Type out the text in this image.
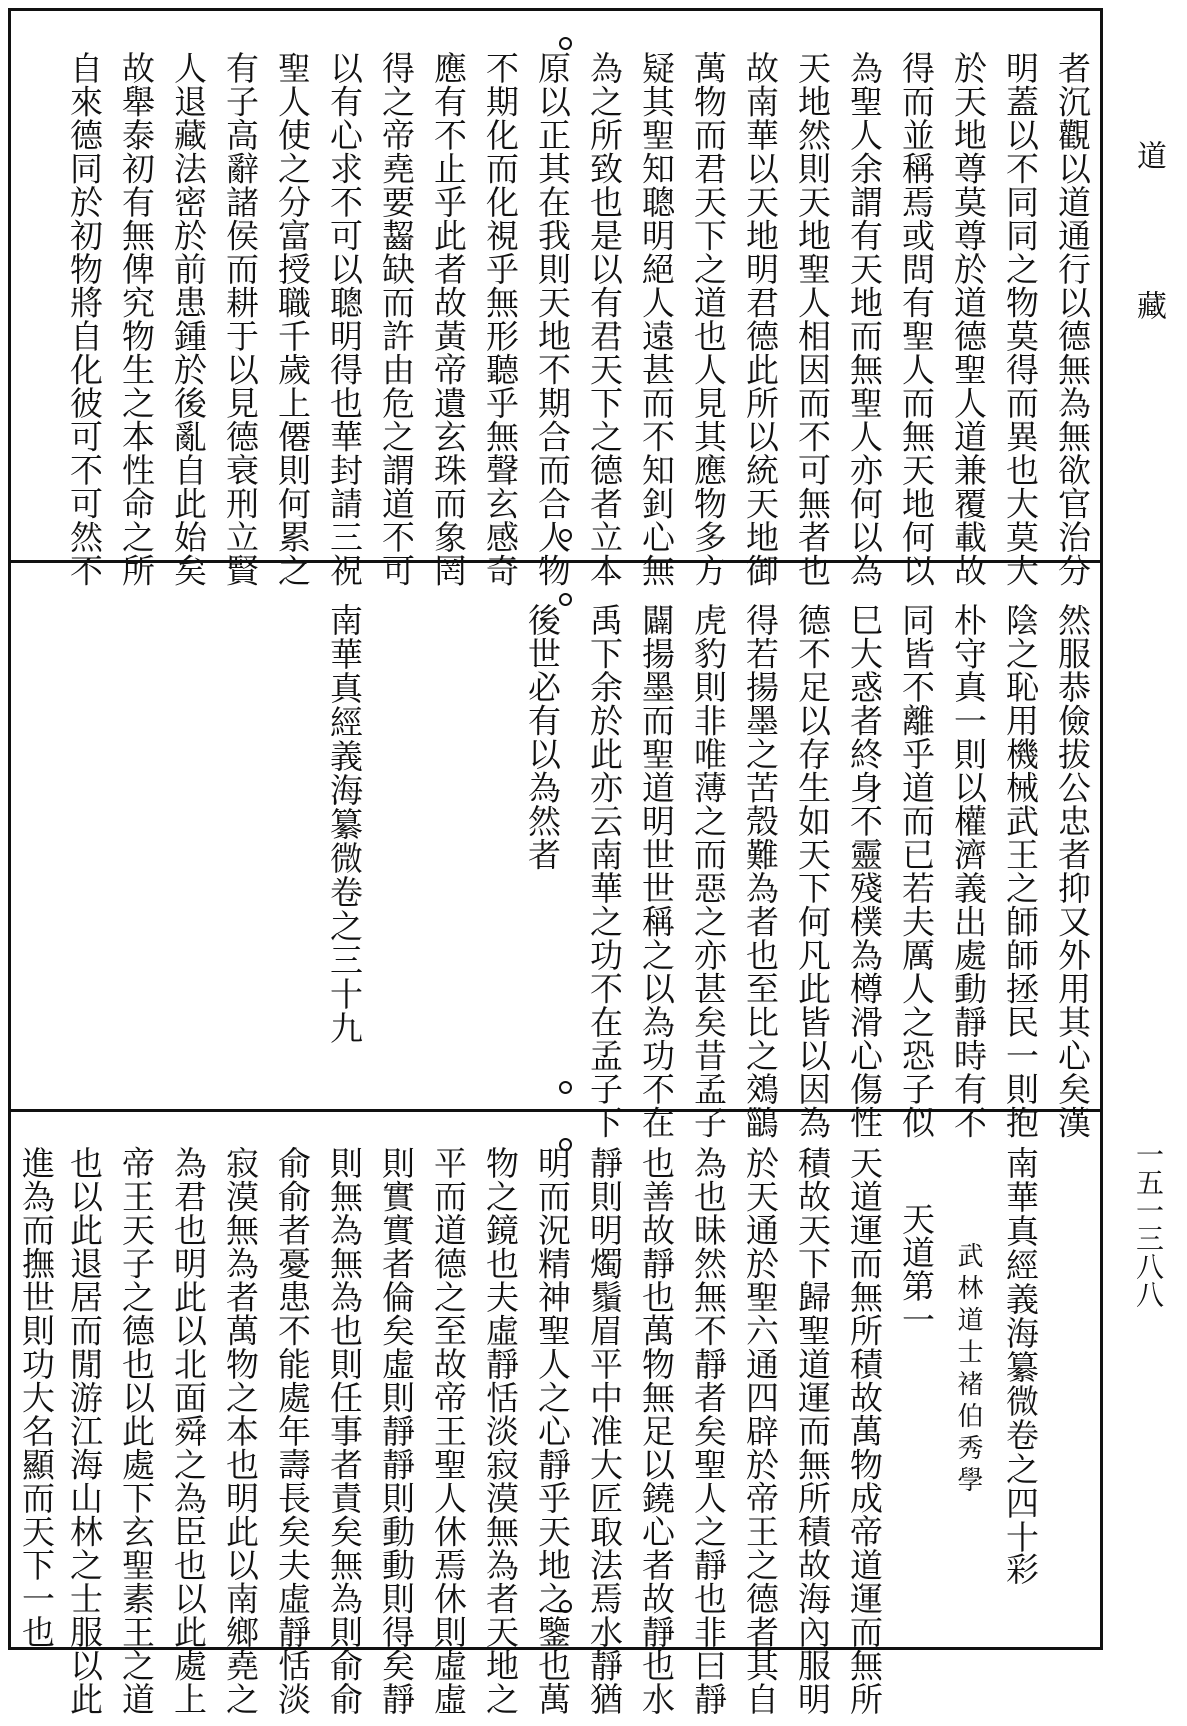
者沉觀以道通行以德無為無欲官治分
明蓋以不同同之物莫得而異也大莫大
於天地尊莫尊於道德聖人道兼覆載故
得而並稱焉或問有聖人而無天地何以
為聖人余謂有天地而無聖人亦何以為
天地然則天地聖人相因而不可無者也
故南華以天地明君德此所以統天地御
萬物而君天下之道也人見其應物多方
疑其聖知聰明絕人遠甚而不知釗心無
為之所致也是以有君天下之德者立本
原以正其在我則天地不期合而合人物
不期化而化視乎無形聽乎無聲玄感奇
應有不止乎此者故黃帝遺玄珠而象罔
得之帝堯要齧缺而許由危之謂道不可
以有心求不可以聰明得也華封請三祝
聖人使之分富授職千歲上僊則何累之
有子高辭諸侯而耕于以見德衰刑立賢
人退藏法密於前患鍾於後亂自此始矣
故舉泰初有無俾究物生之本性命之所
自來德同於初物將自化彼可不可然不
然服恭儉拔公忠者抑又外用其心矣漢
陰之恥用機械武王之師師拯民一則抱
朴守真一則以權濟義出處動靜時有不
同皆不離乎道而已若夫厲人之恐子似
巳大惑者終身不靈殘樸為樽滑心傷性
德不足以存生如天下何凡此皆以因為
得若揚墨之苦殼難為者也至比之鵁鶅
虎豹則非唯薄之而惡之亦甚矣昔孟子
闢揚墨而聖道明世世稱之以為功不在
禹下余於此亦云南華之功不在孟子下
後世必有以為然者
南華真經義海纂微卷之三十九
南華真經義海纂微卷之四十
彩
武林道士褚伯秀學
天道第一
天道運而無所積故萬物成帝道運而無所
積故天下歸聖道運而無所積故海內服明
於天通於聖六通四辟於帝王之德者其自
為也昧然無不靜者矣聖人之靜也非曰靜
也善故靜也萬物無足以鐃心者故靜也水
靜則明燭鬚眉平中准大匠取法焉水靜猶
明而況精神聖人之心靜乎天地之鑒也萬
物之鏡也夫虛靜恬淡寂漠無為者天地之
平而道德之至故帝王聖人休焉休則虛虛
則實實者倫矣虛則靜靜則動動則得矣靜
則無為無為也則任事者責矣無為則俞俞
俞俞者憂患不能處年壽長矣夫虛靜恬淡
寂漠無為者萬物之本也明此以南鄉堯之
為君也明此以北面舜之為臣也以此處上
帝王天子之德也以此處下玄聖素王之道
也以此退居而閒游江海山林之士服以此
進為而撫世則功大名顯而天下一也
道
藏
一五一三八八
